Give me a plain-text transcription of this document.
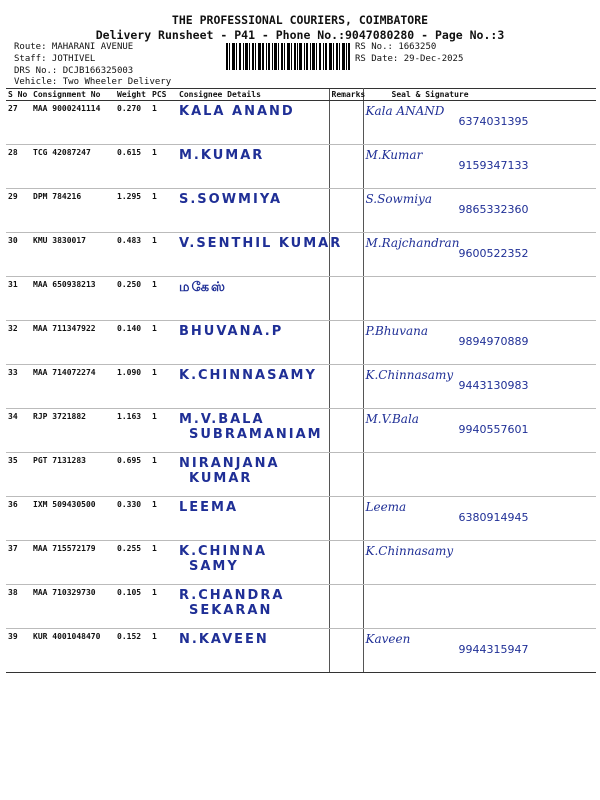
THE PROFESSIONAL COURIERS, COIMBATORE
Delivery Runsheet - P41 - Phone No.:9047080280 - Page No.:3
Route: MAHARANI AVENUE
Staff: JOTHIVEL
DRS No.: DCJB166325003
Vehicle: Two Wheeler Delivery
RS No.: 1663250
RS Date: 29-Dec-2025
S No	Consignment No	Weight	PCS	Consignee Details	Remarks	Seal & Signature
27	MAA 9000241114	0.270	1	KALA ANAND		Kala ANAND
6374031395

28	TCG 42087247	0.615	1	M.KUMAR		M.Kumar
9159347133

29	DPM 784216	1.295	1	S.SOWMIYA		S.Sowmiya
9865332360

30	KMU 3830017	0.483	1	V.SENTHIL KUMAR		M.Rajchandran
9600522352

31	MAA 650938213	0.250	1	மகேஸ்

32	MAA 711347922	0.140	1	BHUVANA.P		P.Bhuvana
9894970889

33	MAA 714072274	1.090	1	K.CHINNASAMY		K.Chinnasamy
9443130983

34	RJP 3721882	1.163	1	M.V.BALA
SUBRAMANIAM		M.V.Bala
9940557601

35	PGT 7131283	0.695	1	NIRANJANA
KUMAR		

36	IXM 509430500	0.330	1	LEEMA		Leema
6380914945

37	MAA 715572179	0.255	1	K.CHINNA
SAMY		K.Chinnasamy

38	MAA 710329730	0.105	1	R.CHANDRA
SEKARAN		

39	KUR 4001048470	0.152	1	N.KAVEEN		Kaveen
9944315947
